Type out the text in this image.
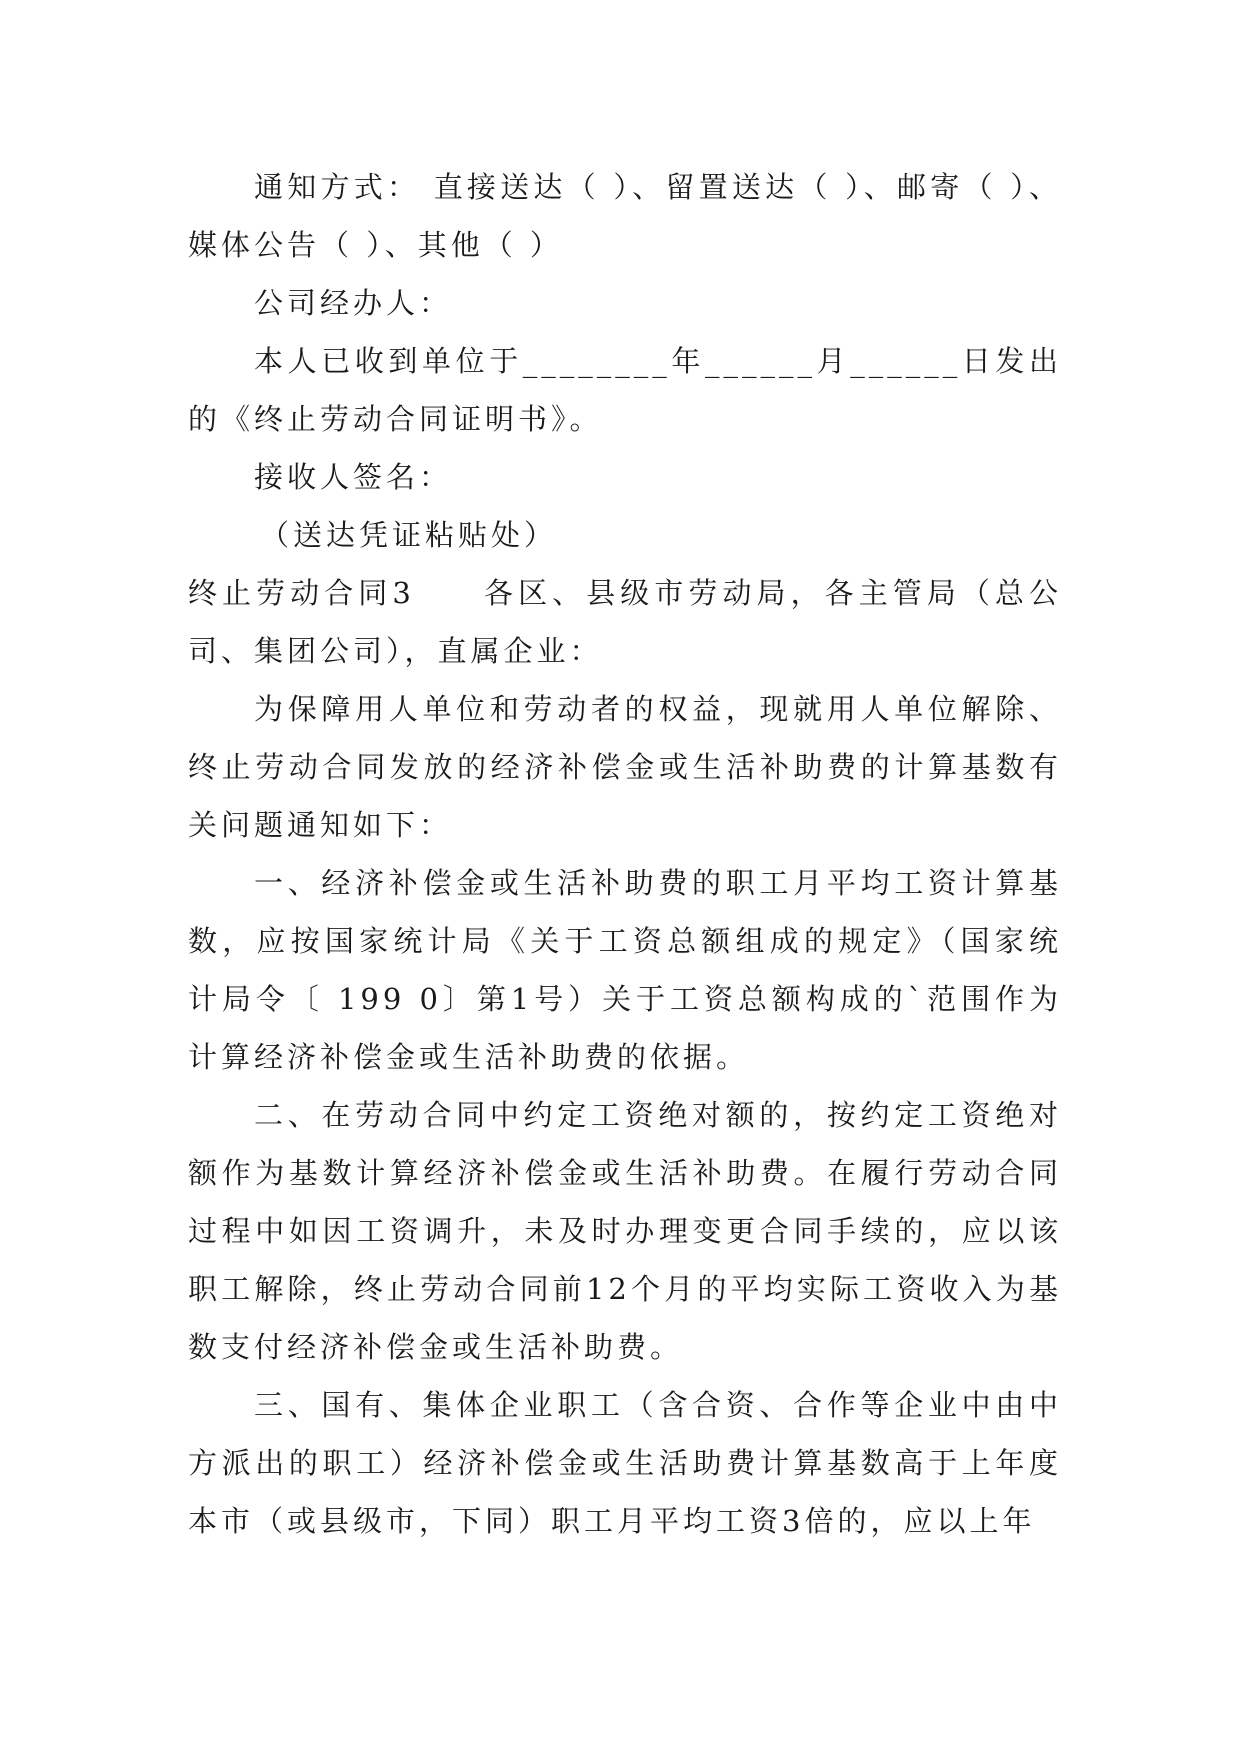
通知方式： 直接送达（ ）、留置送达（ ）、邮寄（ ）、媒体公告（ ）、其他（ ）

公司经办人：

本人已收到单位于________年______月______日发出的《终止劳动合同证明书》。

接收人签名：

（送达凭证粘贴处）

终止劳动合同3　　各区、县级市劳动局，各主管局（总公司、集团公司），直属企业：

为保障用人单位和劳动者的权益，现就用人单位解除、终止劳动合同发放的经济补偿金或生活补助费的计算基数有关问题通知如下：

一、经济补偿金或生活补助费的职工月平均工资计算基数，应按国家统计局《关于工资总额组成的规定》（国家统计局令〔 199 0〕第1号）关于工资总额构成的`范围作为计算经济补偿金或生活补助费的依据。

二、在劳动合同中约定工资绝对额的，按约定工资绝对额作为基数计算经济补偿金或生活补助费。在履行劳动合同过程中如因工资调升，未及时办理变更合同手续的，应以该职工解除，终止劳动合同前12个月的平均实际工资收入为基数支付经济补偿金或生活补助费。

三、国有、集体企业职工（含合资、合作等企业中由中方派出的职工）经济补偿金或生活助费计算基数高于上年度本市（或县级市，下同）职工月平均工资3倍的，应以上年
